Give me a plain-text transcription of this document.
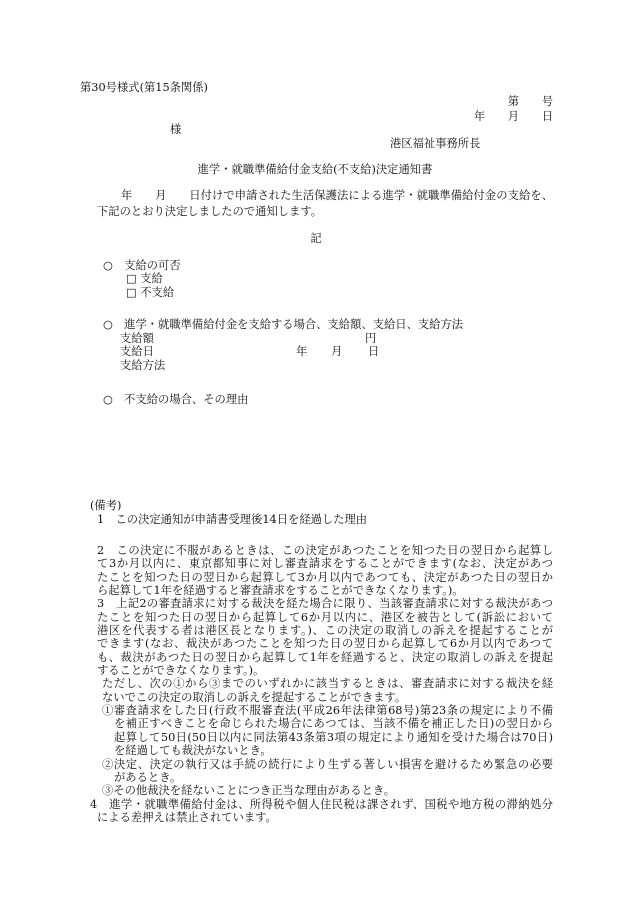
第30号様式(第15条関係)
第　　号
年　　月　　日
様
港区福祉事務所長
進学・就職準備給付金支給(不支給)決定通知書
年　　月　　日付けで申請された生活保護法による進学・就職準備給付金の支給を、
下記のとおり決定しましたので通知します。
記
○　支給の可否
□ 支給
□ 不支給
○　進学・就職準備給付金を支給する場合、支給額、支給日、支給方法
支給額	円
支給日	年 月 日
支給方法
○　不支給の場合、その理由
(備考)
1　この決定通知が申請書受理後14日を経過した理由
2　この決定に不服があるときは、この決定があつたことを知つた日の翌日から起算し
て3か月以内に、東京都知事に対し審査請求をすることができます(なお、決定があつ
たことを知つた日の翌日から起算して3か月以内であつても、決定があつた日の翌日か
ら起算して1年を経過すると審査請求をすることができなくなります。)。
3　上記2の審査請求に対する裁決を経た場合に限り、当該審査請求に対する裁決があつ
たことを知つた日の翌日から起算して6か月以内に、港区を被告として(訴訟において
港区を代表する者は港区長となります。)、この決定の取消しの訴えを提起することが
できます(なお、裁決があつたことを知つた日の翌日から起算して6か月以内であつて
も、裁決があつた日の翌日から起算して1年を経過すると、決定の取消しの訴えを提起
することができなくなります。)。
ただし、次の①から③までのいずれかに該当するときは、審査請求に対する裁決を経
ないでこの決定の取消しの訴えを提起することができます。
①審査請求をした日(行政不服審査法(平成26年法律第68号)第23条の規定により不備
を補正すべきことを命じられた場合にあつては、当該不備を補正した日)の翌日から
起算して50日(50日以内に同法第43条第3項の規定により通知を受けた場合は70日)
を経過しても裁決がないとき。
②決定、決定の執行又は手続の続行により生ずる著しい損害を避けるため緊急の必要
があるとき。
③その他裁決を経ないことにつき正当な理由があるとき。
4　進学・就職準備給付金は、所得税や個人住民税は課されず、国税や地方税の滞納処分
による差押えは禁止されています。
